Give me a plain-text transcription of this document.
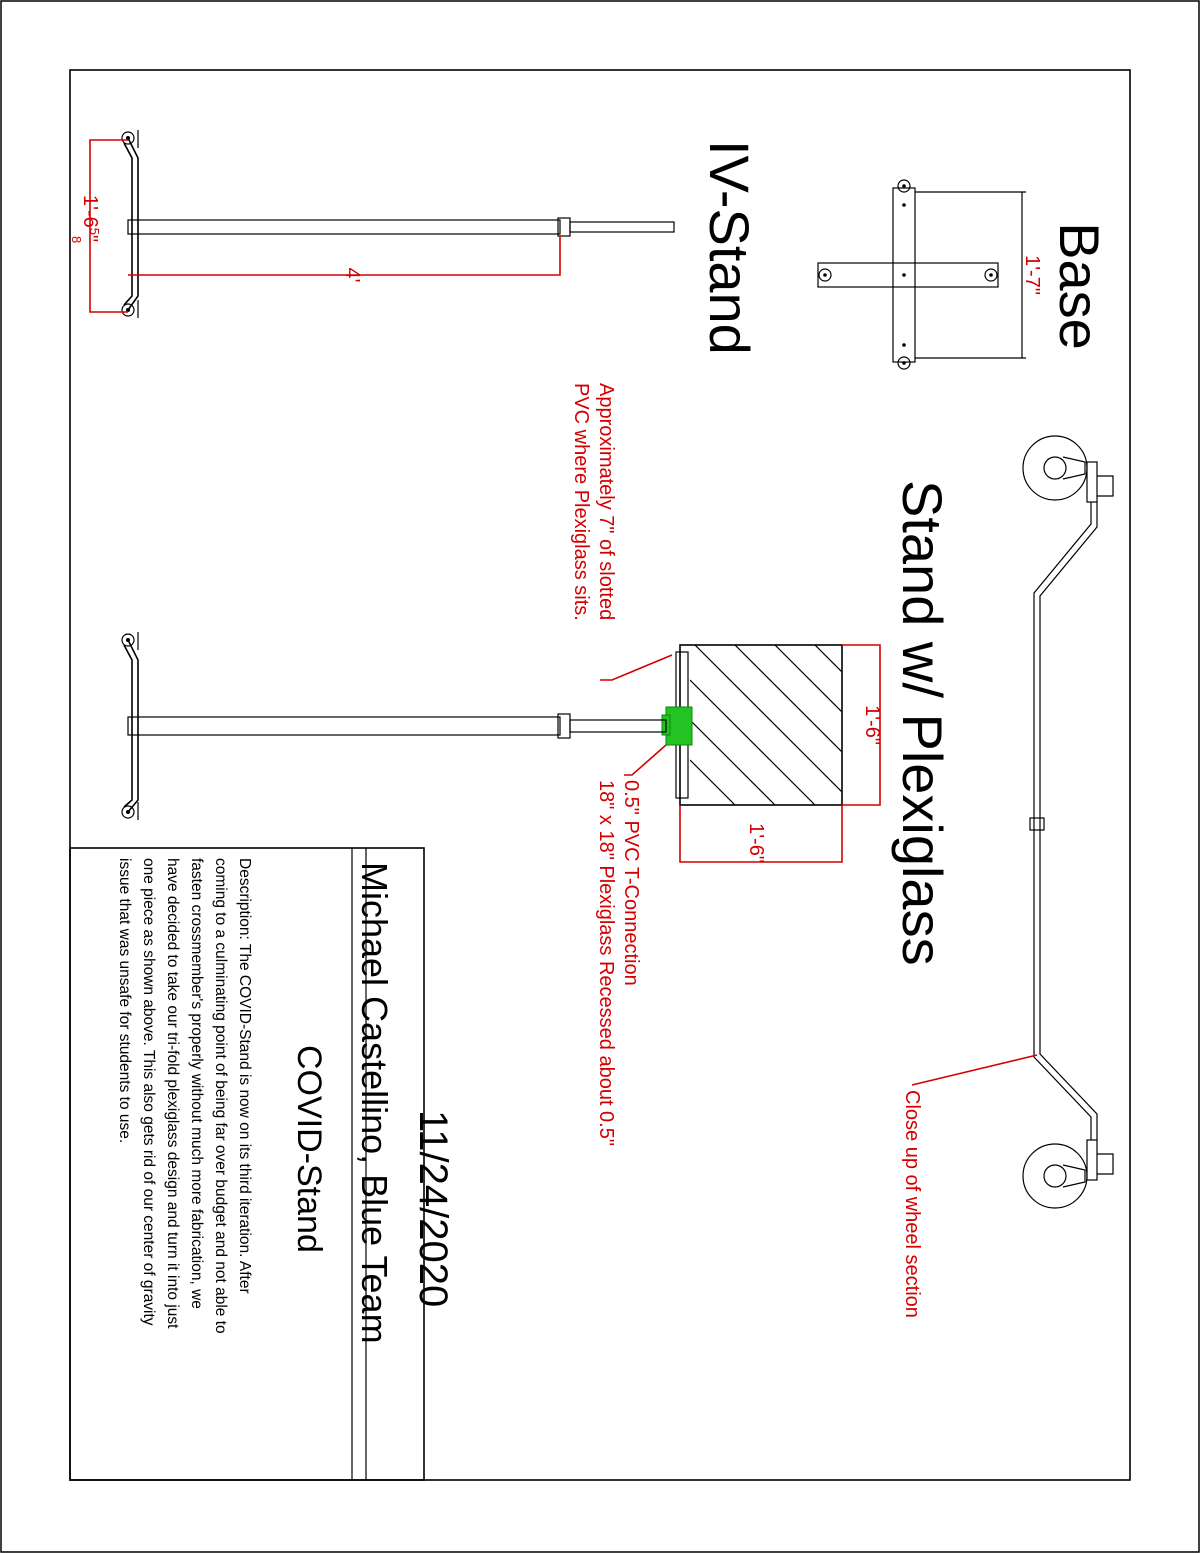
1'-7" Base
Close up of wheel section
Stand w/ Plexiglass
1'-6"
1'-6"
Approximately 7" of slotted
PVC where Plexiglass sits.
0.5" PVC T-Connection
18" x 18" Plexiglass Recessed about 0.5"
IV-Stand
$1'-6^5$"
8
4'
11/24/2020
Michael Castellino, Blue Team
COVID-Stand
Description: The COVID-Stand is now on its third iteration. After
coming to a culminating point of being far over budget and not able to
fasten crossmember's properly without much more fabrication, we
have decided to take our tri-fold plexiglass design and turn it into just
one piece as shown above. This also gets rid of our center of gravity
issue that was unsafe for students to use.
